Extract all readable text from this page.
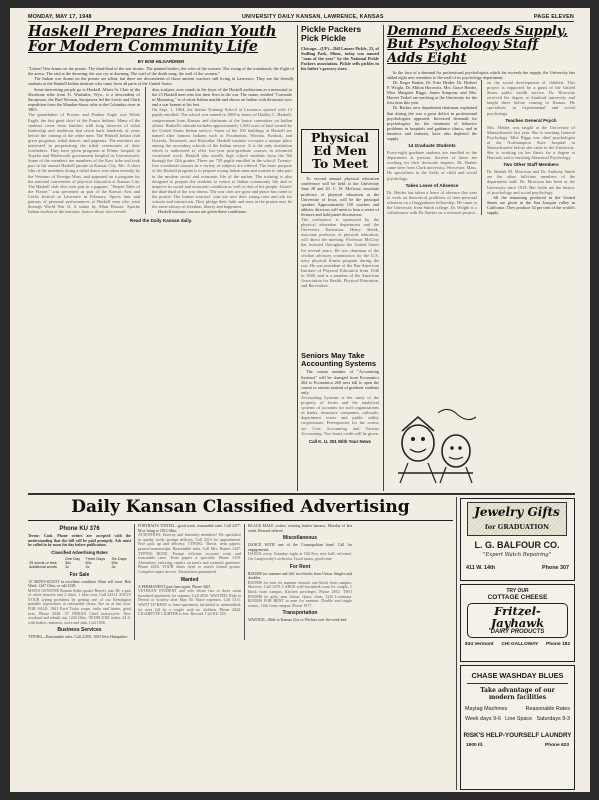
MONDAY, MAY 17, 1948	UNIVERSITY DAILY KANSAN, LAWRENCE, KANSAS	PAGE ELEVEN
Haskell Prepares Indian Youth For Modern Community Life
BY BOB HILGARDNER
"Listen! War drums on the prairie. The thud-thud of the war drums. The painted bodies; the cries of the women. The swing of the tomahawk; the flight of the arrow. The raid at the dawning; the war cry at dawning. The wail of the death song; the wail of the women."
The Indian war drums on the prairie are silent, but there are descendents of those ancient warriors still living in Lawrence. They are the friendly students at the Haskell Indian institute who came from all parts of the United States.
Some interesting people go to Haskell. Albert St. Clair of the Shoshone tribe from Ft. Washakie, Wyo., is a descendent of Sacajawea, the Bird Woman, Sacajawea led the Lewis and Clark expedition from the Mandan-Sioux tribe to the Columbia river in 1805.
The grandfather of Prosser and Pauline Eagle was White Eagle, the last great chief of the Ponca Indians. Many of the students come from families with long histories of tribal leadership and traditions that reach back hundreds of years before the coming of the white men. The Haskell Indian club gives programs, tribal dances, and pageants. The members are interested in perpetuating the tribal ceremonies of their forefathers. They have given programs at Winter hospital in Topeka and Wadsworth government hospital in Leavenworth. Some of the members are members of the Kaw tribe and took part in the annual Haskell parade in Kansas City, Mo. A short film of the members doing a tribal dance was taken recently by the Veterans of Foreign Wars, and appeared on a program for the national convention of physical education at Kansas City. The Haskell club also took part in a pageant, "Teepee Tales of the Prairie," was presented as part of the Kansas Arts and Crafts festival in Lawrence in February. Sports fans and patrons of personal performances at Haskell men who went through World War II. A statue by Allan Houser, Apache Indian student at the institute, honors those who served.
diau sculptor, now stands in the foyer of the Haskell auditorium as a memorial to the 23 Haskell men who lost their lives in the war. The statue, entitled "Comrade in Mourning," is of white Italian marble and shows an Indian with downcast eyes and a war bonnet at his feet.
On Sept. 1, 1884, the Indian Training School at Lawrence opened with 14 pupils enrolled. The school was named in 1890 in honor of Dudley C. Haskell, congressman from Kansas and chairman of the house committee on Indian affairs. Haskell's attitude includes approximately 1,000 acres of land owned by the United States Indian service. Some of the 190 buildings at Haskell are named after famous Indians such as Pocahontas, Winona, Keokuk, and Osceola, Tecumseh, and Hiawatha. Haskell institute occupies a unique place among the secondary schools of the Indian service. It is the only institution which is authorized to offer two-year post-graduate courses in advanced vocational work. Haskell also enrolls high school students from the 9th through the 12th grades. There are 750 pupils enrolled in the school. Twenty-five vocational courses in a variety of subjects are offered. The basic purpose of the Haskell program is to prepare young Indian men and women to take part in the modern social and economic life of the nation. The training is also designed to prepare the students to return to Indian community life and to improve its social and economic condition as well as that of his people. Listen! the thud-thud of the war drums. The war cries are gone and peace has come to the prairie. The former warriors' sons are now their young ones and ask for schools and instruction. They pledge their faith and trust in the prairie may be the same always of freedom, liberty and happiness.
Haskell institute courses are given these conditions.
Read the Daily Kansan daily.
Pickle Packers Pick Pickle
Chicago—(UP)—Dill Lanzer Pickle, 23, of Sudling Park, Minn., today was named "man of the year" by the National Pickle Packers association. Pickle sells pickles in his father's grocery store.
Physical Ed Men To Meet
To second annual physical education conference will be held at the University June 28 and 29. C. W. McGraw, associate professor of physical education at the University of Iowa, will be the principal speaker. Approximately 150 coaches and athletic directors will meet to hear a series of lectures and hold panel discussions.
The conference is sponsored by the physical education department and the University Extension. Henry Shenk, associate professor of physical education, will direct the meeting. Professor McCloy has lectured throughout the United States for several years. He was chairman of the civilian advisory commission for the U.S. navy physical fitness program during the war. He was president of the Pan-American Institute of Physical Education from 1946 to 1948, and is a member of the American Association for Health, Physical Education, and Recreation.
Seniors May Take Accounting Systems
The course number of "Accounting Systems" will be changed from Economics 264 to Economics 260 next fall to open the course to seniors instead of graduate students only.
Accounting Systems is the study of the property of forms and the analytical systems of accounts for such organizations as banks, insurance companies, railroads, department stores and public utility corporations. Prerequisites for the course are Cost Accounting and Various Accounting. Two hours credit will be given.
Call K. U. 251 With Your News
Demand Exceeds Supply, But Psychology Staff Adds Eight
In the face of a demand for professional psychologists which far exceeds the supply, the University has added eight new members to the staff of its psychology department.
Dr. Roger Barker, Dr. Fritz Heider, Dr. Herbert F. Wright, Dr. Milton Horowitz, Mrs. Grace Heider, Miss Margaret Riggs, James Simpson, and Mrs. Harriet Yerkel are teaching at the University for the first time this year.
Dr. Barker, new department chairman, explained that during the war a great deficit in professional psychologists appeared. Increased demands for psychologists for the treatment of behavior problems in hospitals and guidance clinics, and in business and industry, have also depleted the supply.
14 Graduate Students
Forty-eight graduate students are enrolled in the department at present. Sixteen of these are working for their doctorate degrees. Dr. Barker came here from Clark university, Worcester, Mass. He specializes in the fields of child and social psychology.
Takes Leave of Absence
Dr. Heider has taken a leave of absence this year to work on theoretical problems of inter-personal relations on a Guggenheim fellowship. He came to the University from Smith college. Dr. Wright is a collaborator with Dr. Barker on a research project.
on the social development of children. This project is supported by a grant of the United States public health service. Dr. Horowitz received his degree at Stanford university and taught three before coming to Kansas. He specializes in experimental and social psychology.
Teaches General Psych
Mrs. Heider was taught at the University of Massachusetts last year. She is teaching General Psychology. Miss Riggs was chief psychologist at the Northampton State hospital in Massachusetts before she came to the University. She is working on her thesis for a degree at Harvard, and is teaching Abnormal Psychology.
Two Other Staff Members
Dr. Beulah M. Morrison and Dr. Anthony Smith are the other full-time members of the department staff. Dr. Morrison has been at the University since 1918. Her fields are the history of psychology and social psychology.
All the remaining produced in the United States are given in the San Joaquin valley in California. They produce 34 per cent of the world's supply.
Daily Kansan Classified Advertising
Phone KU 376
Terms: Cash. Phone orders are accepted with the understanding that the bill will be paid promptly. Ads must be called in by noon the day before publication.
Classified Advertising Rates
	One Day	Three Days	Six Days
25 words or less	30c	60c	90c
Additional words	1c	2c	3c
For Sale
'47 MOTO-SCOOT in excellent condition. Must sell soon. Bob Ward, 1247 Ohio, or call 2529.
MAN'S GENUINE Roman Seiko quartz Barrett, size 38; a pair of white trousers and 2 shirts. 1 blue coat. Call 2431J. SOLO! YOUR typing problems by getting one of our Remington portable typewriters at reasonable terms. See us at last year. FOR SALE: 1941 Ford Tudor coupe, radio and heater, good tires. Phone 3348. '37 INDIAN Chief motorcycle. New overhaul and rebuilt top. 1244 Ohio. '38 DELUXE trailer, 24 ft. with brakes, mattress, stove and sink. Call 1856.
Business Services
TYPING—Reasonable rates. Call 2259J. 1003 New Hampshire.
PORTRAITS TINTED—good work, reasonable rates. Call 2477-M or bring to 1012 Ohio.
ATTENTION: Sorority and fraternity members! We specialize in quality work; prompt delivery. Call 2213 for appointment. Free pick up and delivery. TYPING: Thesis, term papers, general manuscripts. Reasonable rates. Call Mrs. Barnes 1427. TYPING DONE. Prompt efficient accurate work and reasonable rates. Term papers a specialty. Phone 3119. Alterations, tailoring, repairs on men's and women's garments. Phone 2416. YOUR shoes dyed to match formal gowns. Complete repair service. Satisfaction guaranteed.
Wanted
A PERMANENT part-time typist. Phone 3021.
VETERAN STUDENT and wife desire two or three room furnished apartment for summer. Call 2916. WANTED: Ride to Detroit or vicinity after May 30. Share expenses. Call 3311. WANT TO RENT or lease apartment, furnished or unfurnished, for next fall by a couple with no children. Phone 2044. CIGARETTE LIGHTER is lost. Reward. Call KU 253.
BLACK MALE cocker; wearing leather harness. Monday of last week. Reward offered.
Miscellaneous
DANCE WITH one of the Cosmopolitan band. Call for engagements.
DANCE every Saturday night at Old Fox; new ball; informal. Joe Langworthy's orchestra. Good music, good time.
For Rent
ROOMS for summer and fall; two blocks from Union. Singles and doubles.
ROOMS for men for summer session: one block from campus. Showers. Call 1478. LARGE well-furnished room for couple, 1 block from campus. Kitchen privileges. Phone 2812. TWO ROOMS for girls; near Union. Quiet, clean. 1216 Louisiana. ROOMS FOR RENT to men for summer. Double and single rooms; 1 blk from campus. Phone 1977.
Transportation
WANTED—Ride to Kansas City or Wichita over the week end.
Jewelry Gifts
for GRADUATION
L. G. BALFOUR CO.
"Expert Watch Repairing"
411 W. 14th	Phone 307
TRY OUR
COTTAGE CHEESE
Fritzel-Jayhawk
DAIRY PRODUCTS
834 Vermont CHI GALLOWAY Phone 182
CHASE WASHDAY BLUES
Take advantage of our
modern facilities
Maytag Machines	Reasonable Rates
Week days 9-6 Line Space Saturdays 9-3
RISK'S HELP-YOURSELF LAUNDRY
1900 Ill.	Phone 623
